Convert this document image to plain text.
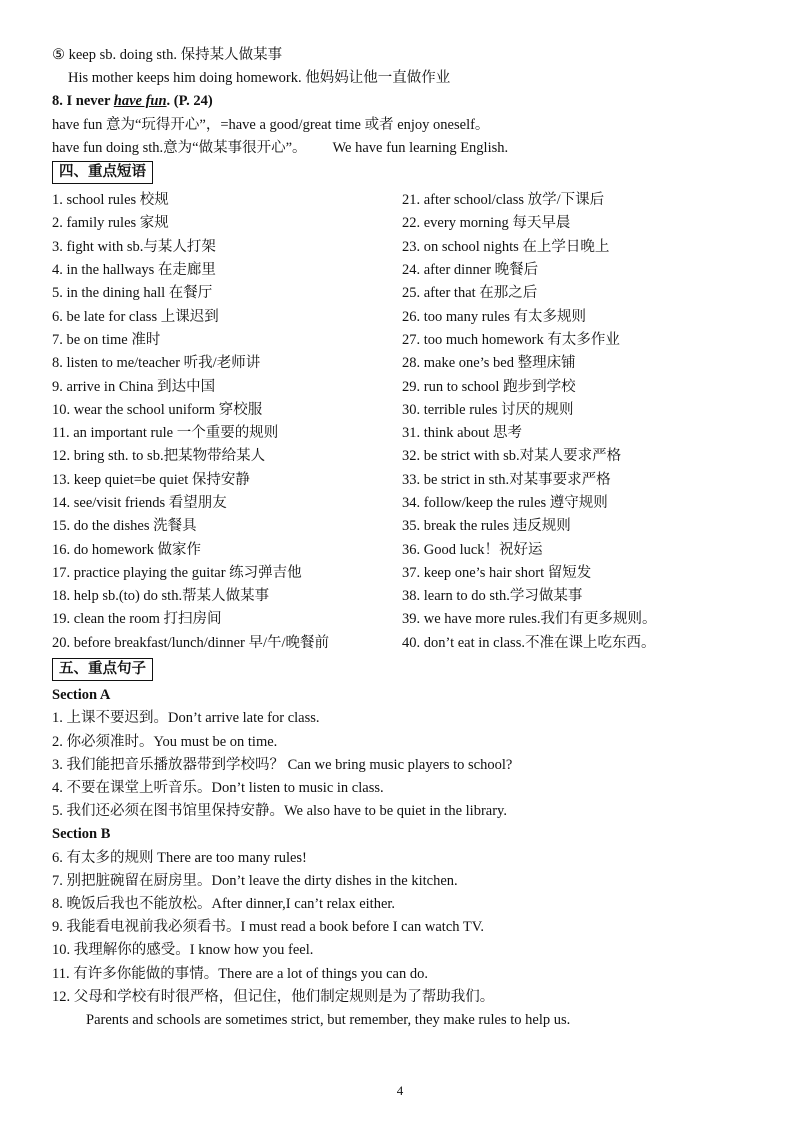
⑤ keep sb. doing sth. 保持某人做某事
His mother keeps him doing homework. 他妈妈让他一直做作业
8. I never have fun. (P. 24)
have fun 意为“玩得开心”，=have a good/great time 或者 enjoy oneself。
have fun doing sth.意为“做某事很开心”。 We have fun learning English.
四、重点短语
1. school rules 校规
2. family rules 家规
3. fight with sb.与某人打架
4. in the hallways 在走廊里
5. in the dining hall 在餐厅
6. be late for class 上课迟到
7. be on time 准时
8. listen to me/teacher 听我/老师讲
9. arrive in China 到达中国
10. wear the school uniform 穿校服
11. an important rule 一个重要的规则
12. bring sth. to sb.把某物带给某人
13. keep quiet=be quiet 保持安静
14. see/visit friends 看望朋友
15. do the dishes 洗餐具
16. do homework 做家作
17. practice playing the guitar 练习弹吉他
18. help sb.(to) do sth.帮某人做某事
19. clean the room 打扫房间
20. before breakfast/lunch/dinner 早/午/晚餐前
21. after school/class 放学/下课后
22. every morning 每天早晨
23. on school nights 在上学日晚上
24. after dinner 晚餐后
25. after that 在那之后
26. too many rules 有太多规则
27. too much homework 有太多作业
28. make one’s bed 整理床铺
29. run to school 跑步到学校
30. terrible rules 讨厌的规则
31. think about 思考
32. be strict with sb.对某人要求严格
33. be strict in sth.对某事要求严格
34. follow/keep the rules 遵守规则
35. break the rules 违反规则
36. Good luck！祝好运
37. keep one’s hair short 留短发
38. learn to do sth.学习做某事
39. we have more rules.我们有更多规则。
40. don’t eat in class.不准在课上吃东西。
五、重点句子
Section A
1. 上课不要迟到。Don’t arrive late for class.
2. 你必须准时。You must be on time.
3. 我们能把音乐播放器带到学校吗？ Can we bring music players to school?
4. 不要在课堂上听音乐。Don’t listen to music in class.
5. 我们还必须在图书馆里保持安静。We also have to be quiet in the library.
Section B
6. 有太多的规则 There are too many rules!
7. 别把脏碗留在厨房里。Don’t leave the dirty dishes in the kitchen.
8. 晚饭后我也不能放松。After dinner,I can’t relax either.
9. 我能看电视前我必须看书。I must read a book before I can watch TV.
10. 我理解你的感受。I know how you feel.
11. 有许多你能做的事情。There are a lot of things you can do.
12. 父母和学校有时很严格，但记住，他们制定规则是为了帮助我们。
Parents and schools are sometimes strict, but remember, they make rules to help us.
4
